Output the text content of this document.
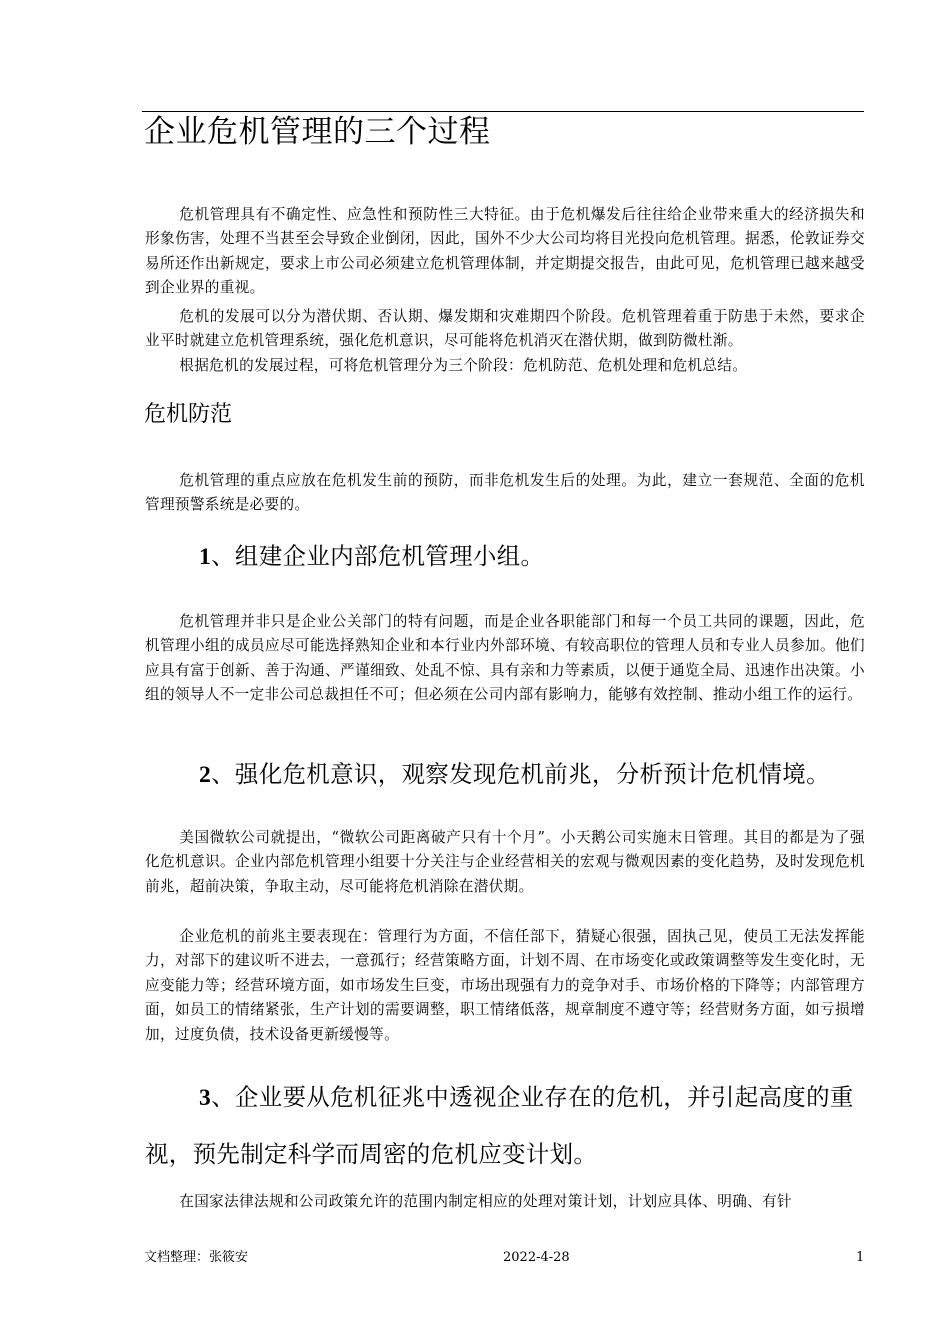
企业危机管理的三个过程

危机管理具有不确定性、应急性和预防性三大特征。由于危机爆发后往往给企业带来重大的经济损失和形象伤害，处理不当甚至会导致企业倒闭，因此，国外不少大公司均将目光投向危机管理。据悉，伦敦证券交易所还作出新规定，要求上市公司必须建立危机管理体制，并定期提交报告，由此可见，危机管理已越来越受到企业界的重视。

危机的发展可以分为潜伏期、否认期、爆发期和灾难期四个阶段。危机管理着重于防患于未然，要求企业平时就建立危机管理系统，强化危机意识，尽可能将危机消灭在潜伏期，做到防微杜渐。

根据危机的发展过程，可将危机管理分为三个阶段：危机防范、危机处理和危机总结。

危机防范

危机管理的重点应放在危机发生前的预防，而非危机发生后的处理。为此，建立一套规范、全面的危机管理预警系统是必要的。

1、组建企业内部危机管理小组。

危机管理并非只是企业公关部门的特有问题，而是企业各职能部门和每一个员工共同的课题，因此，危机管理小组的成员应尽可能选择熟知企业和本行业内外部环境、有较高职位的管理人员和专业人员参加。他们应具有富于创新、善于沟通、严谨细致、处乱不惊、具有亲和力等素质，以便于通览全局、迅速作出决策。小组的领导人不一定非公司总裁担任不可；但必须在公司内部有影响力，能够有效控制、推动小组工作的运行。

2、强化危机意识，观察发现危机前兆，分析预计危机情境。

美国微软公司就提出，“微软公司距离破产只有十个月”。小天鹅公司实施末日管理。其目的都是为了强化危机意识。企业内部危机管理小组要十分关注与企业经营相关的宏观与微观因素的变化趋势，及时发现危机前兆，超前决策，争取主动，尽可能将危机消除在潜伏期。

企业危机的前兆主要表现在：管理行为方面，不信任部下，猜疑心很强，固执己见，使员工无法发挥能力，对部下的建议听不进去，一意孤行；经营策略方面，计划不周、在市场变化或政策调整等发生变化时，无应变能力等；经营环境方面，如市场发生巨变，市场出现强有力的竞争对手、市场价格的下降等；内部管理方面，如员工的情绪紧张，生产计划的需要调整，职工情绪低落，规章制度不遵守等；经营财务方面，如亏损增加，过度负债，技术设备更新缓慢等。

3、企业要从危机征兆中透视企业存在的危机，并引起高度的重视，预先制定科学而周密的危机应变计划。

在国家法律法规和公司政策允许的范围内制定相应的处理对策计划，计划应具体、明确、有针

文档整理：张筱安	2022-4-28	1
